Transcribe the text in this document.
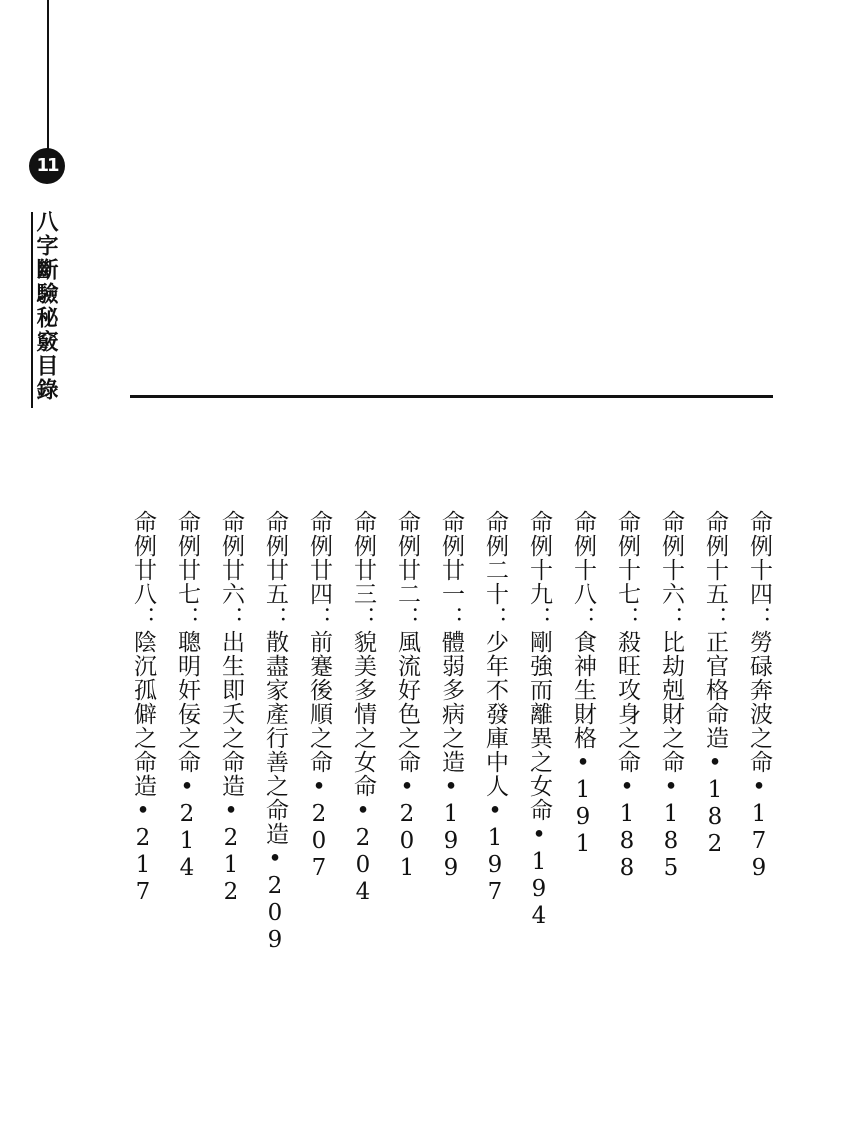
11
八字斷驗秘竅目錄
命例十四：勞碌奔波之命•179
命例十五：正官格命造•182
命例十六：比劫剋財之命•185
命例十七：殺旺攻身之命•188
命例十八：食神生財格•191
命例十九：剛強而離異之女命•194
命例二十：少年不發庫中人•197
命例廿一：體弱多病之造•199
命例廿二：風流好色之命•201
命例廿三：貌美多情之女命•204
命例廿四：前蹇後順之命•207
命例廿五：散盡家產行善之命造•209
命例廿六：出生即夭之命造•212
命例廿七：聰明奸佞之命•214
命例廿八：陰沉孤僻之命造•217
